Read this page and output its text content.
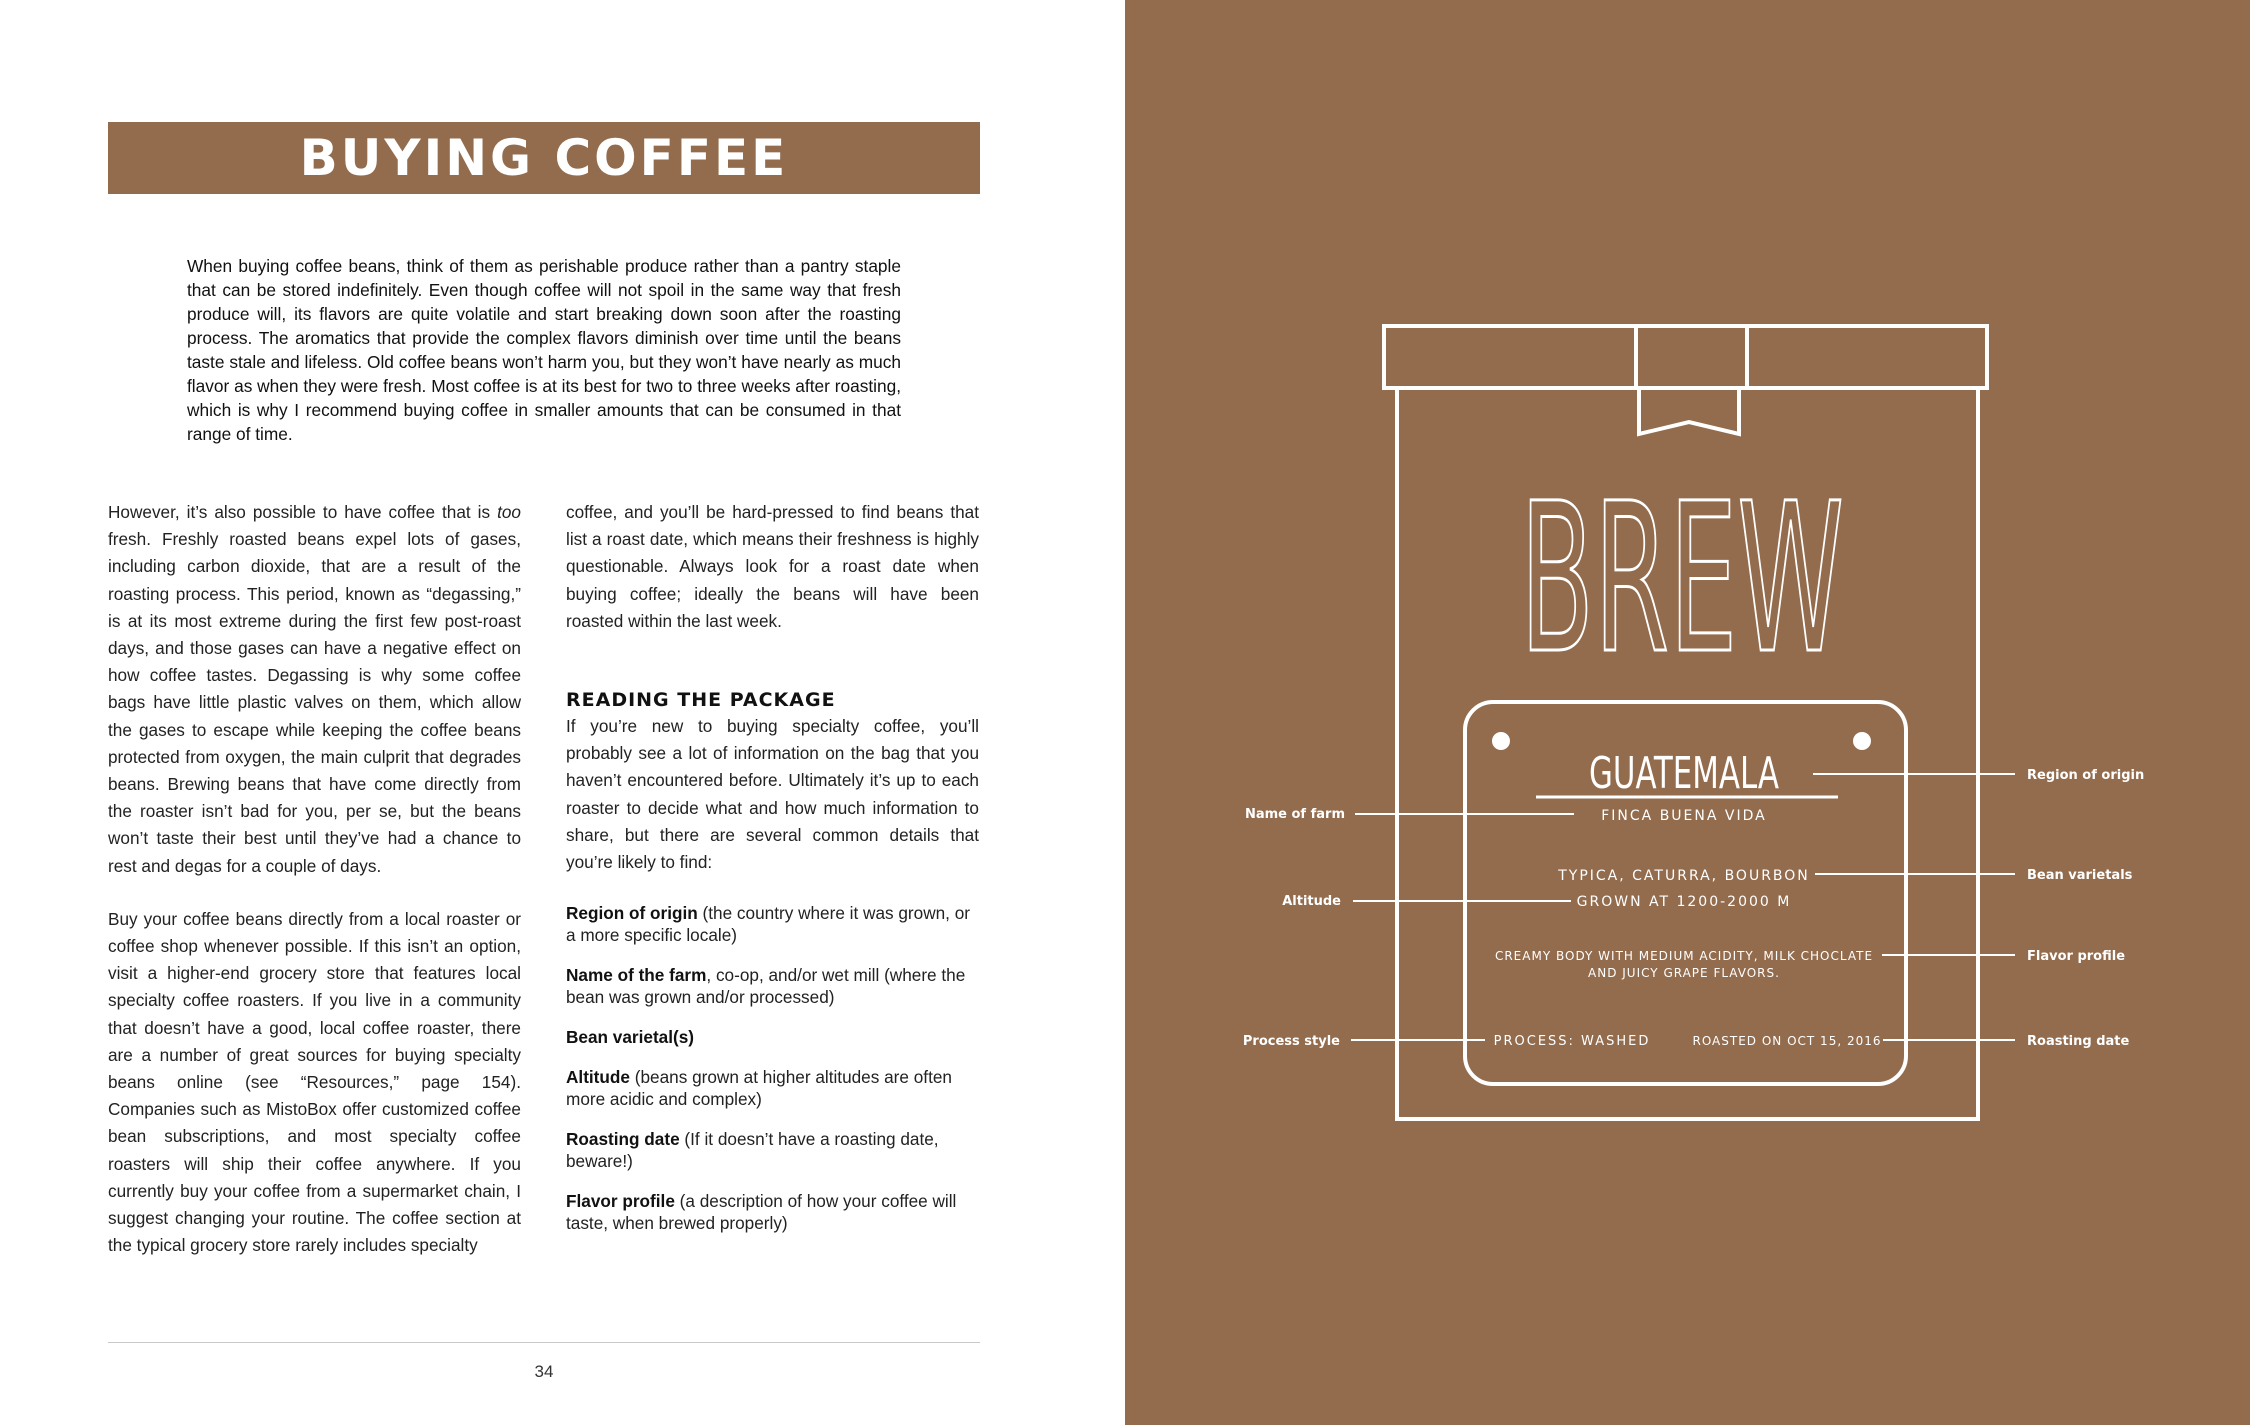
BUYING COFFEE
When buying coffee beans, think of them as perishable produce rather than a pantry staple that can be stored indefinitely. Even though coffee will not spoil in the same way that fresh produce will, its flavors are quite volatile and start breaking down soon after the roasting process. The aromatics that provide the complex flavors diminish over time until the beans taste stale and lifeless. Old coffee beans won’t harm you, but they won’t have nearly as much flavor as when they were fresh. Most coffee is at its best for two to three weeks after roasting, which is why I recommend buying coffee in smaller amounts that can be consumed in that range of time.

However, it’s also possible to have coffee that is too fresh. Freshly roasted beans expel lots of gases, including carbon dioxide, that are a result of the roasting process. This period, known as “degassing,” is at its most extreme during the first few post-roast days, and those gases can have a negative effect on how coffee tastes. Degassing is why some coffee bags have little plastic valves on them, which allow the gases to escape while keeping the coffee beans protected from oxygen, the main culprit that degrades beans. Brewing beans that have come directly from the roaster isn’t bad for you, per se, but the beans won’t taste their best until they’ve had a chance to rest and degas for a couple of days.

Buy your coffee beans directly from a local roaster or coffee shop whenever possible. If this isn’t an option, visit a higher-end grocery store that features local specialty coffee roasters. If you live in a community that doesn’t have a good, local coffee roaster, there are a number of great sources for buying specialty beans online (see “Resources,” page 154). Companies such as MistoBox offer customized coffee bean subscriptions, and most specialty coffee roasters will ship their coffee anywhere. If you currently buy your coffee from a supermarket chain, I suggest changing your routine. The coffee section at the typical grocery store rarely includes specialty

coffee, and you’ll be hard-pressed to find beans that list a roast date, which means their freshness is highly questionable. Always look for a roast date when buying coffee; ideally the beans will have been roasted within the last week.

READING THE PACKAGE

If you’re new to buying specialty coffee, you’ll probably see a lot of information on the bag that you haven’t encountered before. Ultimately it’s up to each roaster to decide what and how much information to share, but there are several common details that you’re likely to find:

Region of origin (the country where it was grown, or a more specific locale)
Name of the farm, co-op, and/or wet mill (where the bean was grown and/or processed)
Bean varietal(s)
Altitude (beans grown at higher altitudes are often more acidic and complex)
Roasting date (If it doesn’t have a roasting date, beware!)
Flavor profile (a description of how your coffee will taste, when brewed properly)
34
BREW
GUATEMALA
FINCA BUENA VIDA
TYPICA, CATURRA, BOURBON
GROWN AT 1200-2000 M
CREAMY BODY WITH MEDIUM ACIDITY, MILK CHOCLATE
AND JUICY GRAPE FLAVORS.
PROCESS: WASHED	ROASTED ON OCT 15, 2016
Name of farm
Altitude
Process style
Region of origin
Bean varietals
Flavor profile
Roasting date
